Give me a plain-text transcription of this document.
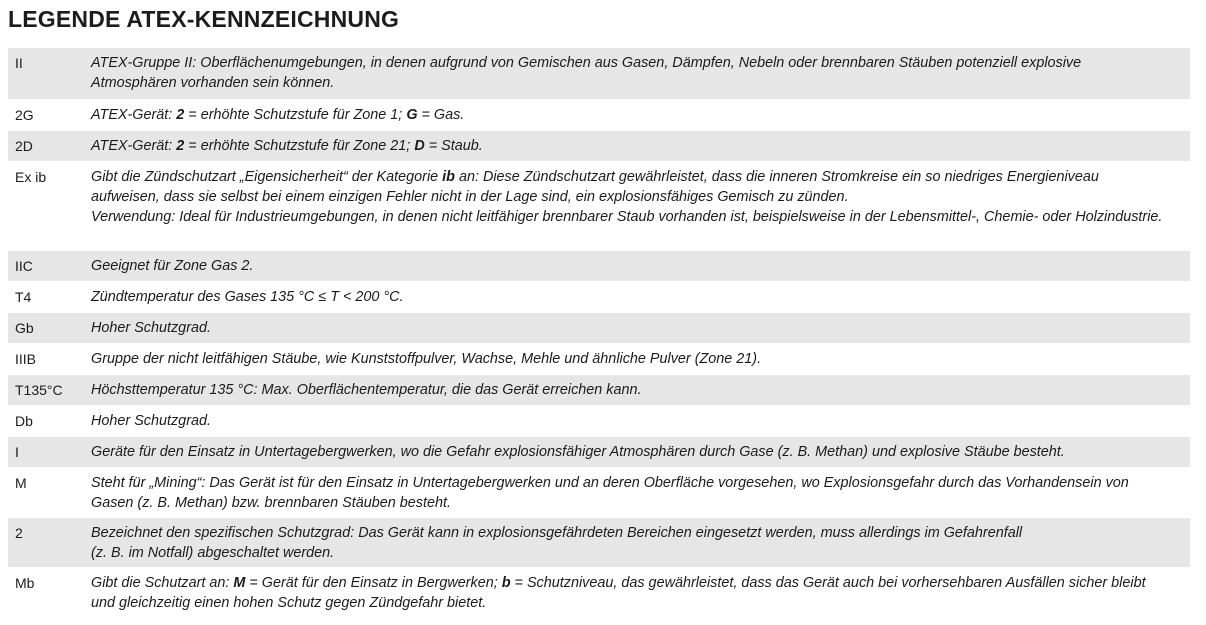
LEGENDE ATEX-KENNZEICHNUNG
II	ATEX-Gruppe II: Oberflächenumgebungen, in denen aufgrund von Gemischen aus Gasen, Dämpfen, Nebeln oder brennbaren Stäuben potenziell explosive Atmosphären vorhanden sein können.
2G	ATEX-Gerät: 2 = erhöhte Schutzstufe für Zone 1; G = Gas.
2D	ATEX-Gerät: 2 = erhöhte Schutzstufe für Zone 21; D = Staub.
Ex ib	Gibt die Zündschutzart „Eigensicherheit“ der Kategorie ib an: Diese Zündschutzart gewährleistet, dass die inneren Stromkreise ein so niedriges Energieniveau aufweisen, dass sie selbst bei einem einzigen Fehler nicht in der Lage sind, ein explosionsfähiges Gemisch zu zünden.
Verwendung: Ideal für Industrieumgebungen, in denen nicht leitfähiger brennbarer Staub vorhanden ist, beispielsweise in der Lebensmittel-, Chemie- oder Holzindustrie.
IIC	Geeignet für Zone Gas 2.
T4	Zündtemperatur des Gases 135 °C ≤ T < 200 °C.
Gb	Hoher Schutzgrad.
IIIB	Gruppe der nicht leitfähigen Stäube, wie Kunststoffpulver, Wachse, Mehle und ähnliche Pulver (Zone 21).
T135°C	Höchsttemperatur 135 °C: Max. Oberflächentemperatur, die das Gerät erreichen kann.
Db	Hoher Schutzgrad.
I	Geräte für den Einsatz in Untertagebergwerken, wo die Gefahr explosionsfähiger Atmosphären durch Gase (z. B. Methan) und explosive Stäube besteht.
M	Steht für „Mining“: Das Gerät ist für den Einsatz in Untertagebergwerken und an deren Oberfläche vorgesehen, wo Explosionsgefahr durch das Vorhandensein von Gasen (z. B. Methan) bzw. brennbaren Stäuben besteht.
2	Bezeichnet den spezifischen Schutzgrad: Das Gerät kann in explosionsgefährdeten Bereichen eingesetzt werden, muss allerdings im Gefahrenfall
(z. B. im Notfall) abgeschaltet werden.
Mb	Gibt die Schutzart an: M = Gerät für den Einsatz in Bergwerken; b = Schutzniveau, das gewährleistet, dass das Gerät auch bei vorhersehbaren Ausfällen sicher bleibt und gleichzeitig einen hohen Schutz gegen Zündgefahr bietet.
